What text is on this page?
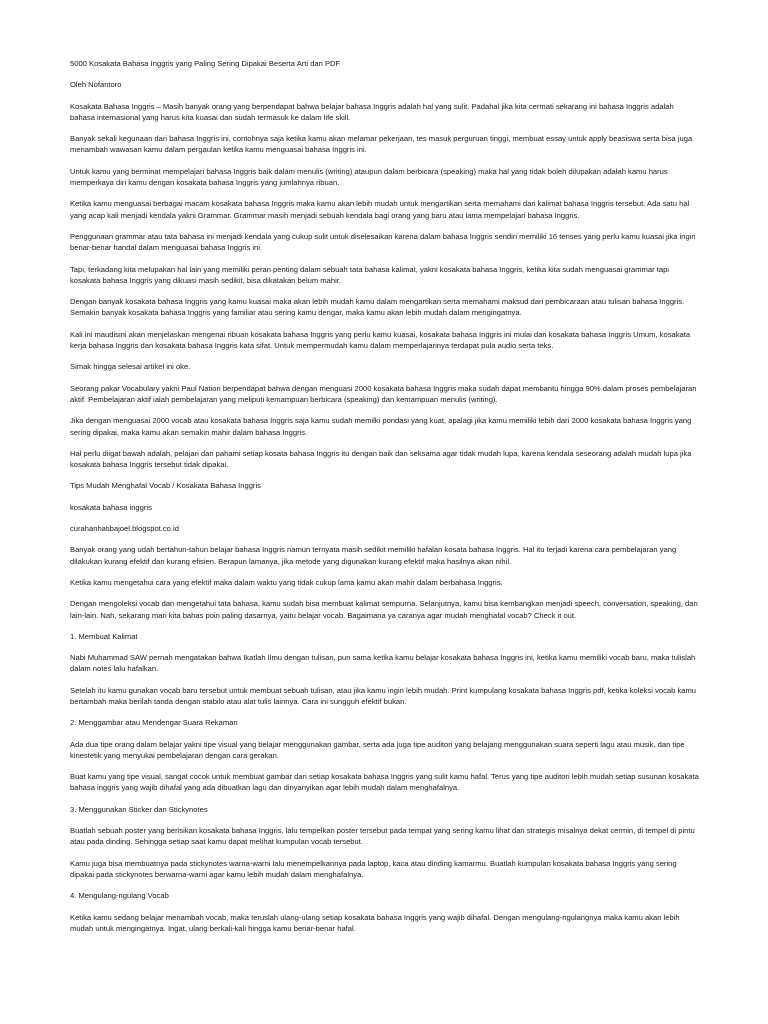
5000 Kosakata Bahasa Inggris yang Paling Sering Dipakai Beserta Arti dan PDF

Oleh Nofantoro

Kosakata Bahasa Inggris – Masih banyak orang yang berpendapat bahwa belajar bahasa Inggris adalah hal yang sulit. Padahal jika kita cermati sekarang ini bahasa Inggris adalah bahasa internasional yang harus kita kuasai dan sudah termasuk ke dalam life skill.

Banyak sekali kegunaan dari bahasa Inggris ini, contohnya saja ketika kamu akan melamar pekerjaan, tes masuk perguruan tinggi, membuat essay untuk apply beasiswa serta bisa juga menambah wawasan kamu dalam pergaulan ketika kamu menguasai bahasa Inggris ini.

Untuk kamu yang berminat mempelajari bahasa Inggris baik dalam menulis (writing) ataupun dalam berbicara (speaking) maka hal yang tidak boleh dilupakan adalah kamu harus memperkaya diri kamu dengan kosakata bahasa Inggris yang jumlahnya ribuan.

Ketika kamu menguasai berbagai macam kosakata bahasa Inggris maka kamu akan lebih mudah untuk mengartikan serta memahami dari kalimat bahasa Inggris tersebut. Ada satu hal yang acap kali menjadi kendala yakni Grammar. Grammar masih menjadi sebuah kendala bagi orang yang baru atau lama mempelajari bahasa Inggris.

Penggunaan grammar atau tata bahasa ini menjadi kendala yang cukup sulit untuk diselesaikan karena dalam bahasa Inggris sendiri memiliki 16 tenses yang perlu kamu kuasai jika ingin benar-benar handal dalam menguasai bahasa Inggris ini.

Tapi, terkadang kita melupakan hal lain yang memiliki peran penting dalam sebuah tata bahasa kalimat, yakni kosakata bahasa Inggris, ketika kita sudah menguasai grammar tapi kosakata bahasa Inggris yang dikuasi masih sedikit, bisa dikatakan belum mahir.

Dengan banyak kosakata bahasa Inggris yang kamu kuasai maka akan lebih mudah kamu dalam mengartikan serta memahami maksud dari pembicaraan atau tulisan bahasa Inggris. Semakin banyak kosakata bahasa Inggris yang familiar atau sering kamu dengar, maka kamu akan lebih mudah dalam mengingatnya.

Kali ini maudisini akan menjelaskan mengenai ribuan kosakata bahasa Inggris yang perlu kamu kuasai, kosakata bahasa Inggris ini mulai dari kosakata bahasa Inggris Umum, kosakata kerja bahasa Inggris dan kosakata bahasa Inggris kata sifat. Untuk mempermudah kamu dalam memperlajarinya terdapat pula audio serta teks.

Simak hingga selesai artikel ini oke.

Seorang pakar Vocabulary yakni Paul Nation berpendapat bahwa dengan menguasi 2000 kosakata bahasa Inggris maka sudah dapat membantu hingga 90% dalam proses pembelajaran aktif. Pembelajaran aktif ialah pembelajaran yang meliputi kemampuan berbicara (speaking) dan kemampuan menulis (writing).

Jika dengan menguasai 2000 vocab atau kosakata bahasa Inggris saja kamu sudah memilki pondasi yang kuat, apalagi jika kamu memiliki lebih dari 2000 kosakata bahasa Inggris yang sering dipakai, maka kamu akan semakin mahir dalam bahasa Inggris.

Hal perlu diigat bawah adalah, pelajari dan pahami setiap kosata bahasa Inggris itu dengan baik dan seksama agar tidak mudah lupa, karena kendala seseorang adalah mudah lupa jika kosakata bahasa Inggris tersebut tidak dipakai.

Tips Mudah Menghafal Vocab / Kosakata Bahasa Inggris

kosakata bahasa inggris

curahanhatibajoel.blogspot.co.id

Banyak orang yang udah bertahun-tahun belajar bahasa Inggris namun ternyata masih sedikit memiliki hafalan kosata bahasa Inggris. Hal itu terjadi karena cara pembelajaran yang dilakukan kurang efektif dan kurang efisien. Berapun lamanya, jika metode yang digunakan kurang efektif maka hasilnya akan nihil.

Ketika kamu mengetahui cara yang efektif maka dalam waktu yang tidak cukup lama kamu akan mahir dalam berbahasa Inggris.

Dengan mengoleksi vocab dan mengetahui tata bahasa, kamu sudah bisa membuat kalimat sempurna. Selanjutnya, kamu bisa kembangkan menjadi speech, conversation, speaking, dan lain-lain. Nah, sekarang mari kita bahas poin paling dasarnya, yaitu belajar vocab. Bagaimana ya caranya agar mudah menghafal vocab? Check it out.

1. Membuat Kalimat

Nabi Muhammad SAW pernah mengatakan bahwa Ikatlah Ilmu dengan tulisan, pun sama ketika kamu belajar kosakata bahasa Inggris ini, ketika kamu memiliki vocab baru, maka tulislah dalam notes lalu hafalkan.

Setelah itu kamu gunakan vocab baru tersebut untuk membuat sebuah tulisan, atau jika kamu ingin lebih mudah. Print kumpulang kosakata bahasa Inggris pdf, ketika koleksi vocab kamu bertambah maka berilah tanda dengan stabilo atau alat tulis lainnya. Cara ini sungguh efektif bukan.

2. Menggambar atau Mendengar Suara Rekaman

Ada dua tipe orang dalam belajar yakni tipe visual yang belajar menggunakan gambar, serta ada juga tipe auditori yang belajang menggunakan suara seperti lagu atau musik, dan tipe kinestetik yang menyukai pembelajaran dengan cara gerakan.

Buat kamu yang tipe visual, sangat cocok untuk membuat gambar dari setiap kosakata bahasa Inggris yang sulit kamu hafal. Terus yang tipe auditori lebih mudah setiap susunan kosakata bahasa inggris yang wajib dihafal yang ada dibuatkan lagu dan dinyanyikan agar lebih mudah dalam menghafalnya.

3. Menggunakan Sticker dan Stickynotes

Buatlah sebuah poster yang berisikan kosakata bahasa Inggris, lalu tempelkan poster tersebut pada tempat yang sering kamu lihat dan strategis misalnya dekat cermin, di tempel di pintu atau pada dinding. Sehingga setiap saat kamu dapat melihat kumpulan vocab tersebut.

Kamu juga bisa membuatnya pada stickynotes warna-warni lalu menempelkannya pada laptop, kaca atau dinding kamarmu. Buatlah kumpulan kosakata bahasa Inggris yang sering dipakai pada stickynotes berwarna-warni agar kamu lebih mudah dalam menghafalnya.

4. Mengulang-ngulang Vocab

Ketika kamu sedang belajar menambah vocab, maka teruslah ulang-ulang setiap kosakata bahasa Inggris yang wajib dihafal. Dengan mengulang-ngulangnya maka kamu akan lebih mudah untuk mengingatnya. Ingat, ulang berkali-kali hingga kamu benar-benar hafal.
